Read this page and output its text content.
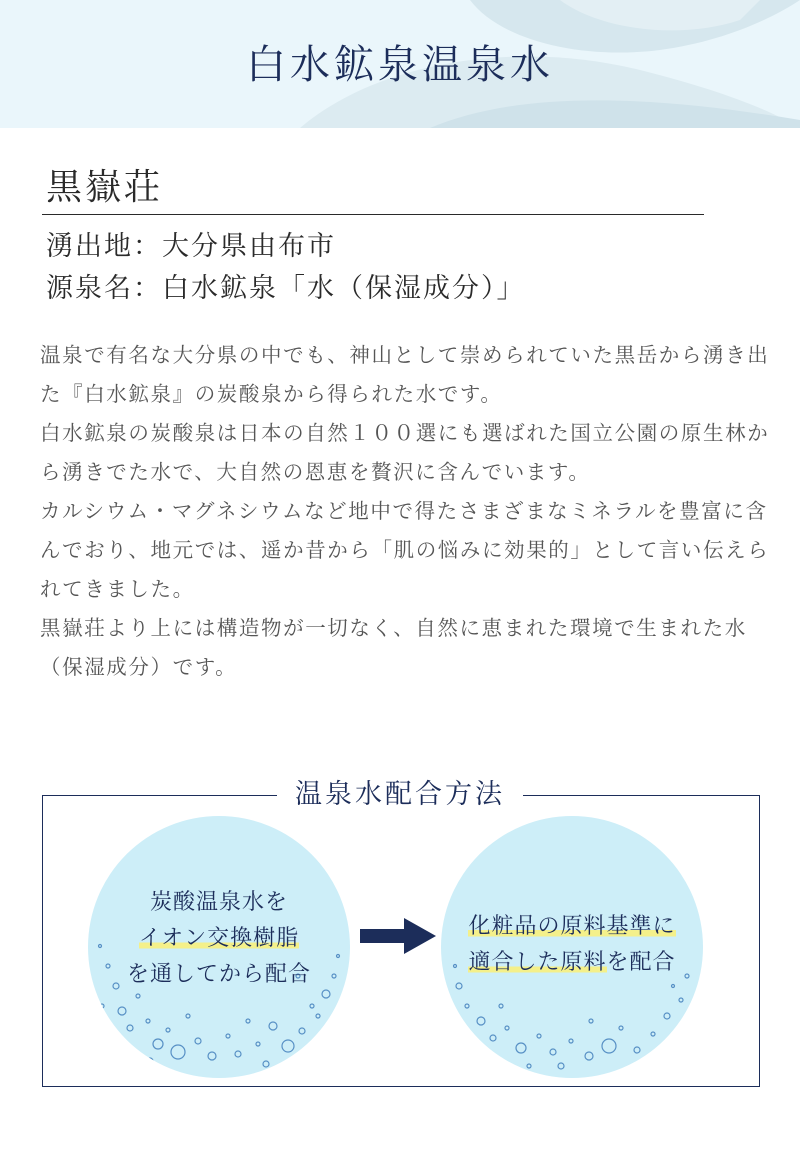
白水鉱泉温泉水
黒嶽荘
湧出地：大分県由布市
源泉名：白水鉱泉「水（保湿成分）」

温泉で有名な大分県の中でも、神山として崇められていた黒岳から湧き出た『白水鉱泉』の炭酸泉から得られた水です。

白水鉱泉の炭酸泉は日本の自然１００選にも選ばれた国立公園の原生林から湧きでた水で、大自然の恩恵を贅沢に含んでいます。

カルシウム・マグネシウムなど地中で得たさまざまなミネラルを豊富に含んでおり、地元では、遥か昔から「肌の悩みに効果的」として言い伝えられてきました。

黒嶽荘より上には構造物が一切なく、自然に恵まれた環境で生まれた水（保湿成分）です。

温泉水配合方法
炭酸温泉水を
イオン交換樹脂
を通してから配合
化粧品の原料基準に
適合した原料を配合
